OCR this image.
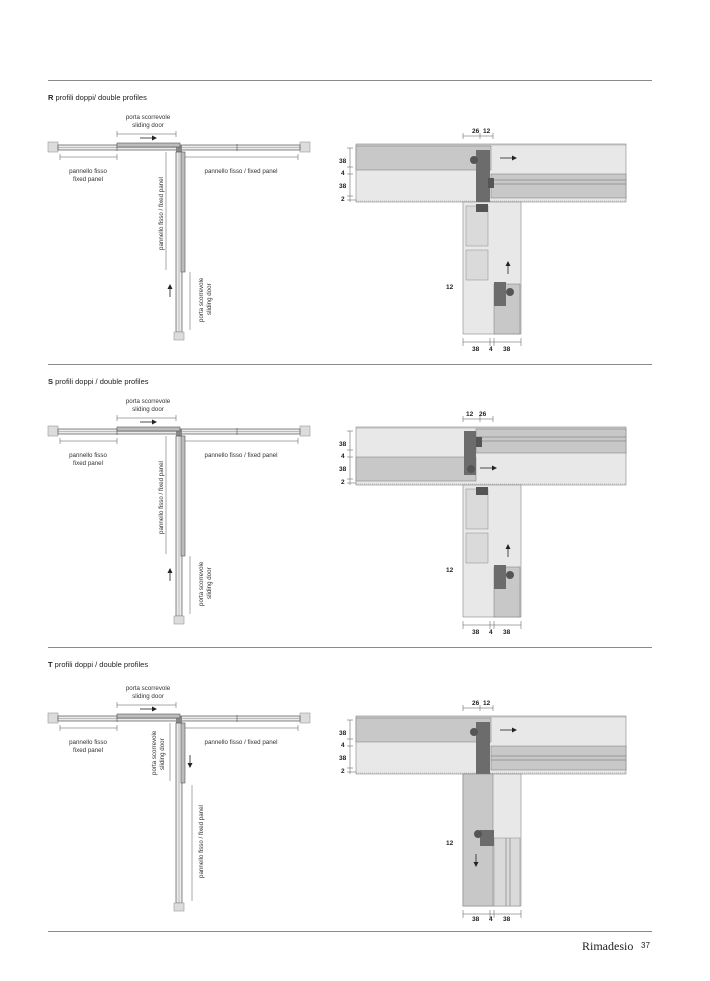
R profili doppi/ double profiles
S profili doppi / double profiles
T profili doppi / double profiles
porta scorrevole
sliding door
pannello fisso
fixed panel
pannello fisso / fixed panel
pannello fisso / fixed panel
porta scorrevole sliding door
26 12
38
4
38
2
12
38 4 38
porta scorrevole
sliding door
pannello fisso
fixed panel
pannello fisso / fixed panel
pannello fisso / fixed panel
porta scorrevole sliding door
12 26
38
4
38
2
12
38 4 38
porta scorrevole
sliding door
pannello fisso
fixed panel
pannello fisso / fixed panel
porta scorrevole sliding door
pannello fisso / fixed panel
26 12
38
4
38
2
12
38 4 38
Rimadesio 37
